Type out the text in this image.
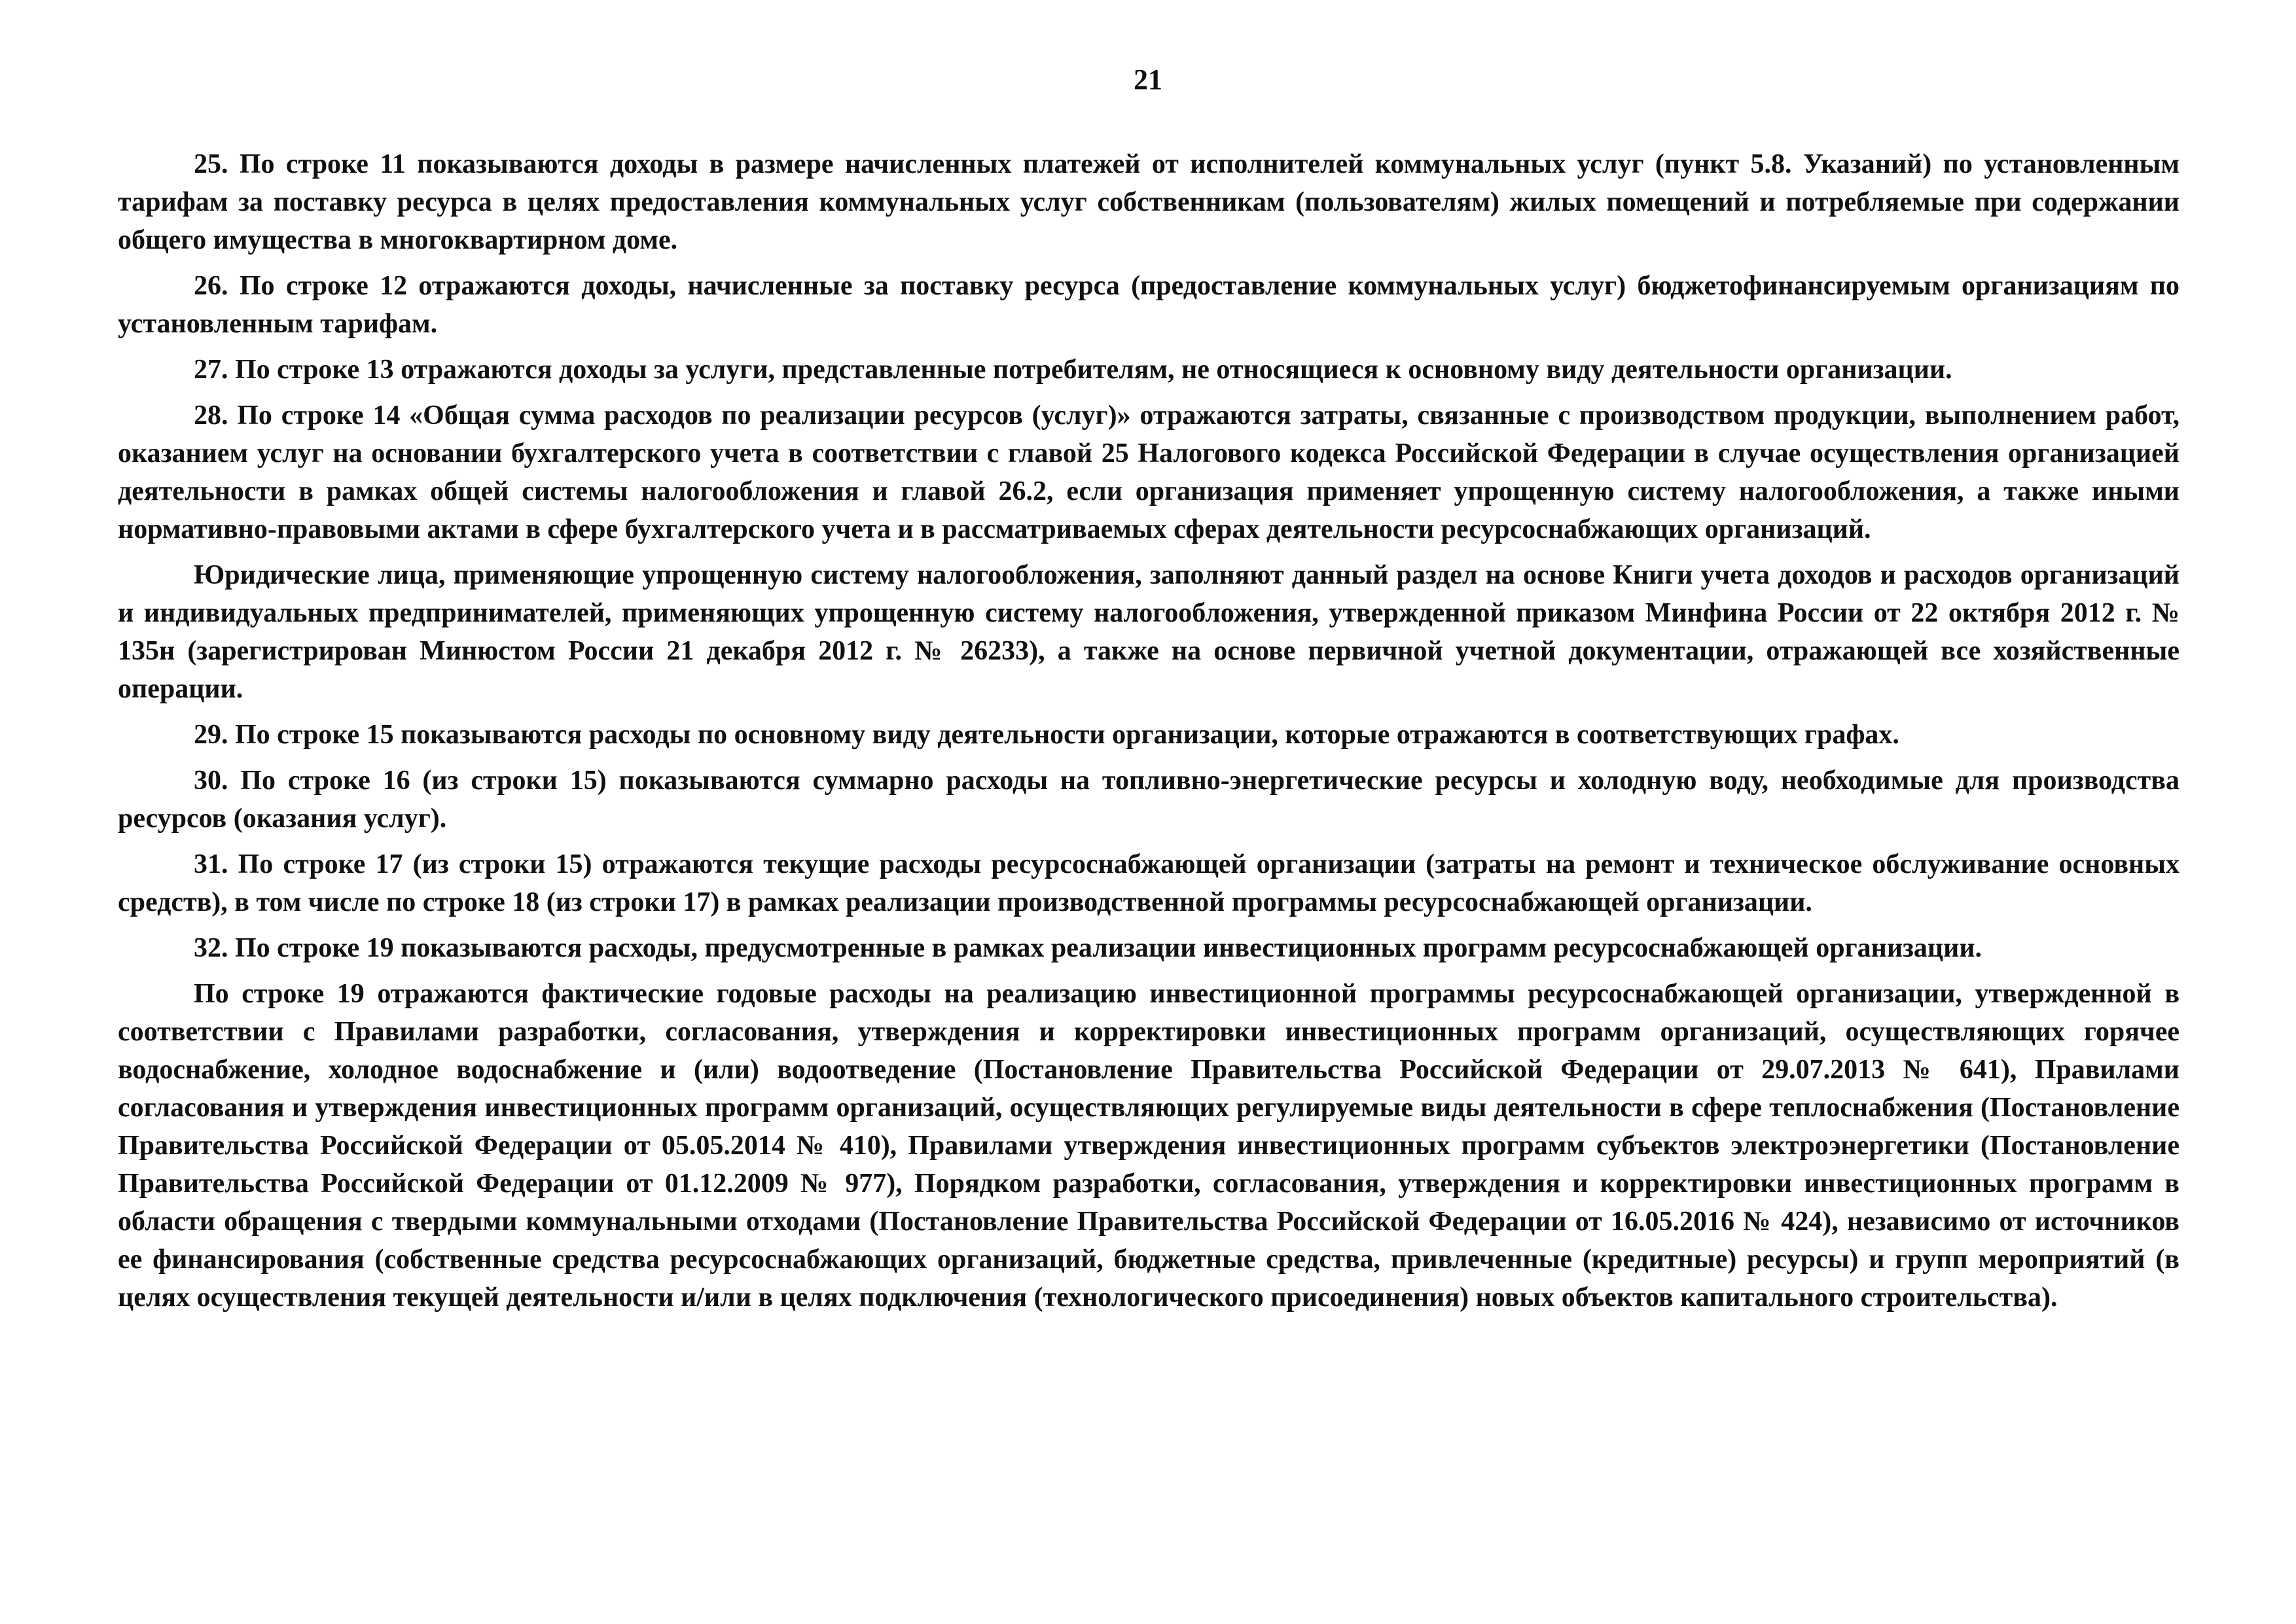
21

25. По строке 11 показываются доходы в размере начисленных платежей от исполнителей коммунальных услуг (пункт 5.8. Указаний) по установленным тарифам за поставку ресурса в целях предоставления коммунальных услуг собственникам (пользователям) жилых помещений и потребляемые при содержании общего имущества в многоквартирном доме.

26. По строке 12 отражаются доходы, начисленные за поставку ресурса (предоставление коммунальных услуг) бюджетофинансируемым организациям по установленным тарифам.

27. По строке 13 отражаются доходы за услуги, представленные потребителям, не относящиеся к основному виду деятельности организации.

28. По строке 14 «Общая сумма расходов по реализации ресурсов (услуг)» отражаются затраты, связанные с производством продукции, выполнением работ, оказанием услуг на основании бухгалтерского учета в соответствии с главой 25 Налогового кодекса Российской Федерации в случае осуществления организацией деятельности в рамках общей системы налогообложения и главой 26.2, если организация применяет упрощенную систему налогообложения, а также иными нормативно-правовыми актами в сфере бухгалтерского учета и в рассматриваемых сферах деятельности ресурсоснабжающих организаций.

Юридические лица, применяющие упрощенную систему налогообложения, заполняют данный раздел на основе Книги учета доходов и расходов организаций и индивидуальных предпринимателей, применяющих упрощенную систему налогообложения, утвержденной приказом Минфина России от 22 октября 2012 г. № 135н (зарегистрирован Минюстом России 21 декабря 2012 г. № 26233), а также на основе первичной учетной документации, отражающей все хозяйственные операции.

29. По строке 15 показываются расходы по основному виду деятельности организации, которые отражаются в соответствующих графах.

30. По строке 16 (из строки 15) показываются суммарно расходы на топливно-энергетические ресурсы и холодную воду, необходимые для производства ресурсов (оказания услуг).

31. По строке 17 (из строки 15) отражаются текущие расходы ресурсоснабжающей организации (затраты на ремонт и техническое обслуживание основных средств), в том числе по строке 18 (из строки 17) в рамках реализации производственной программы ресурсоснабжающей организации.

32. По строке 19 показываются расходы, предусмотренные в рамках реализации инвестиционных программ ресурсоснабжающей организации.

По строке 19 отражаются фактические годовые расходы на реализацию инвестиционной программы ресурсоснабжающей организации, утвержденной в соответствии с Правилами разработки, согласования, утверждения и корректировки инвестиционных программ организаций, осуществляющих горячее водоснабжение, холодное водоснабжение и (или) водоотведение (Постановление Правительства Российской Федерации от 29.07.2013 № 641), Правилами согласования и утверждения инвестиционных программ организаций, осуществляющих регулируемые виды деятельности в сфере теплоснабжения (Постановление Правительства Российской Федерации от 05.05.2014 № 410), Правилами утверждения инвестиционных программ субъектов электроэнергетики (Постановление Правительства Российской Федерации от 01.12.2009 № 977), Порядком разработки, согласования, утверждения и корректировки инвестиционных программ в области обращения с твердыми коммунальными отходами (Постановление Правительства Российской Федерации от 16.05.2016 № 424), независимо от источников ее финансирования (собственные средства ресурсоснабжающих организаций, бюджетные средства, привлеченные (кредитные) ресурсы) и групп мероприятий (в целях осуществления текущей деятельности и/или в целях подключения (технологического присоединения) новых объектов капитального строительства).
